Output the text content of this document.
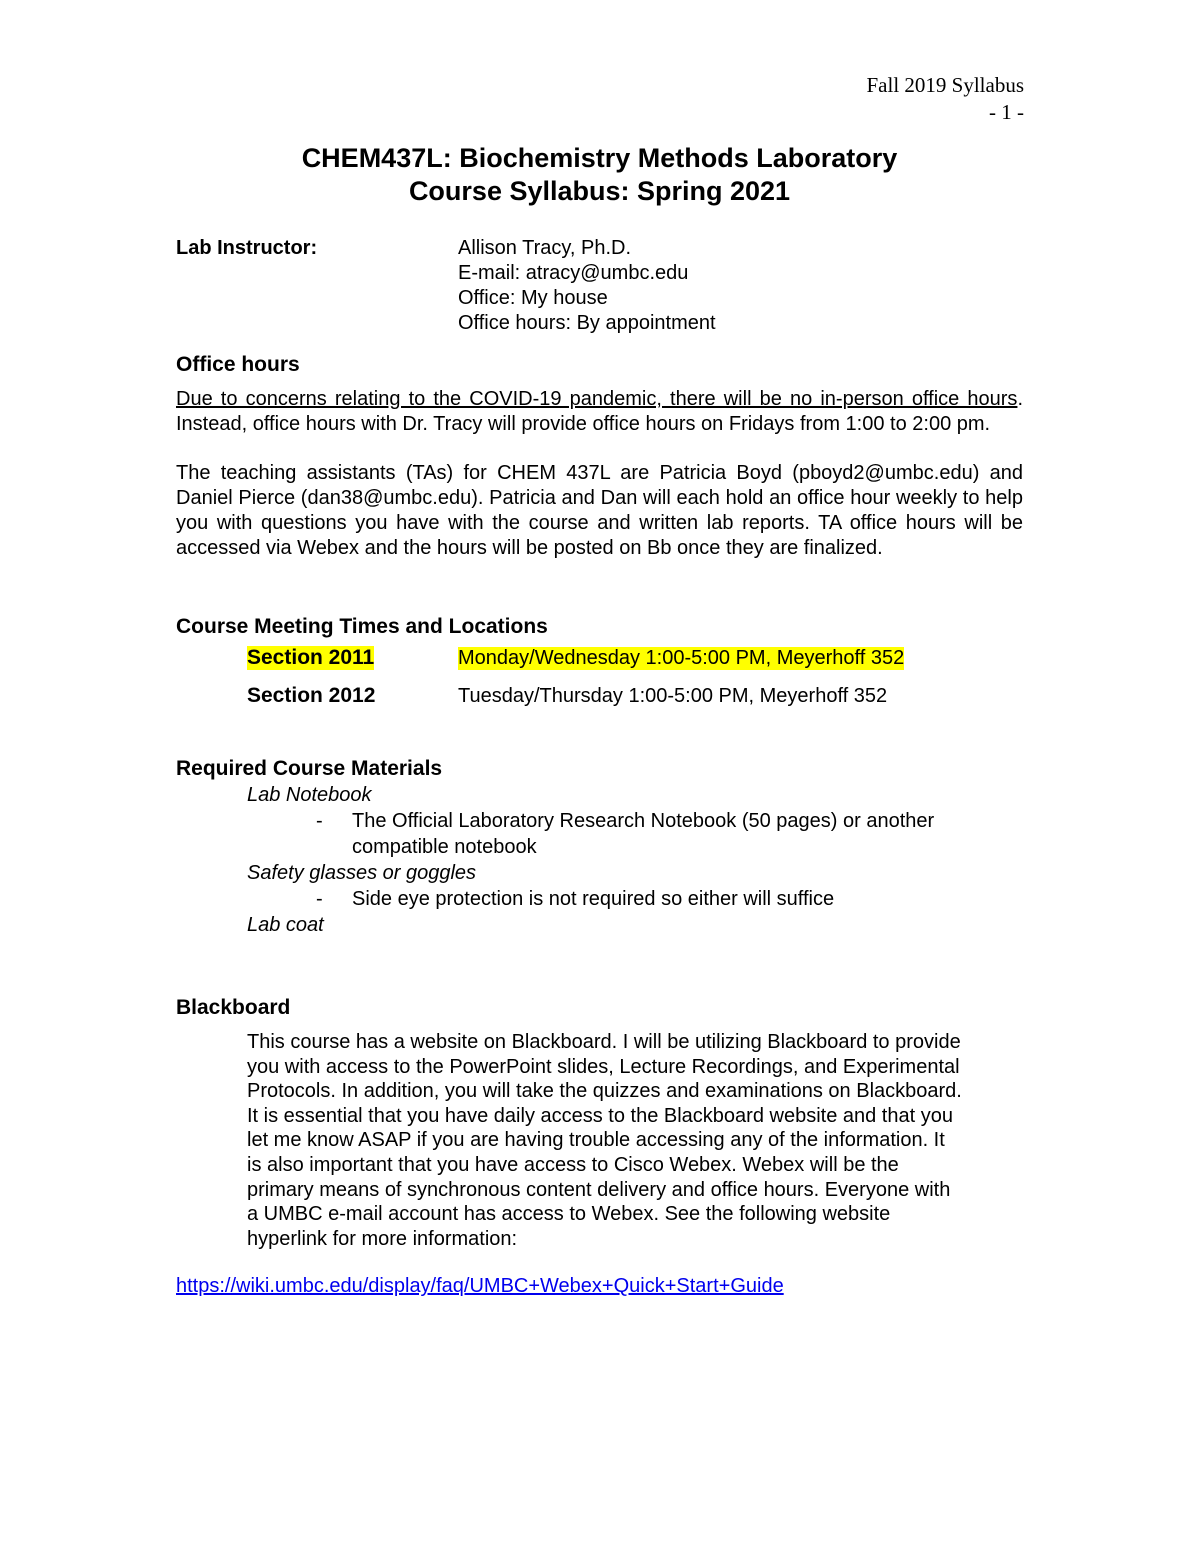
Fall 2019 Syllabus
- 1 -
CHEM437L: Biochemistry Methods Laboratory
Course Syllabus: Spring 2021
Lab Instructor:	Allison Tracy, Ph.D.
E-mail: atracy@umbc.edu
Office: My house
Office hours: By appointment
Office hours

Due to concerns relating to the COVID-19 pandemic, there will be no in-person office hours. Instead, office hours with Dr. Tracy will provide office hours on Fridays from 1:00 to 2:00 pm.

The teaching assistants (TAs) for CHEM 437L are Patricia Boyd (pboyd2@umbc.edu) and Daniel Pierce (dan38@umbc.edu). Patricia and Dan will each hold an office hour weekly to help you with questions you have with the course and written lab reports. TA office hours will be accessed via Webex and the hours will be posted on Bb once they are finalized.

Course Meeting Times and Locations
Section 2011	Monday/Wednesday 1:00-5:00 PM, Meyerhoff 352
Section 2012	Tuesday/Thursday 1:00-5:00 PM, Meyerhoff 352
Required Course Materials
Lab Notebook
- The Official Laboratory Research Notebook (50 pages) or another compatible notebook
Safety glasses or goggles
- Side eye protection is not required so either will suffice
Lab coat
Blackboard
This course has a website on Blackboard. I will be utilizing Blackboard to provide
you with access to the PowerPoint slides, Lecture Recordings, and Experimental
Protocols. In addition, you will take the quizzes and examinations on Blackboard.
It is essential that you have daily access to the Blackboard website and that you
let me know ASAP if you are having trouble accessing any of the information. It
is also important that you have access to Cisco Webex. Webex will be the
primary means of synchronous content delivery and office hours. Everyone with
a UMBC e-mail account has access to Webex. See the following website
hyperlink for more information:
https://wiki.umbc.edu/display/faq/UMBC+Webex+Quick+Start+Guide
